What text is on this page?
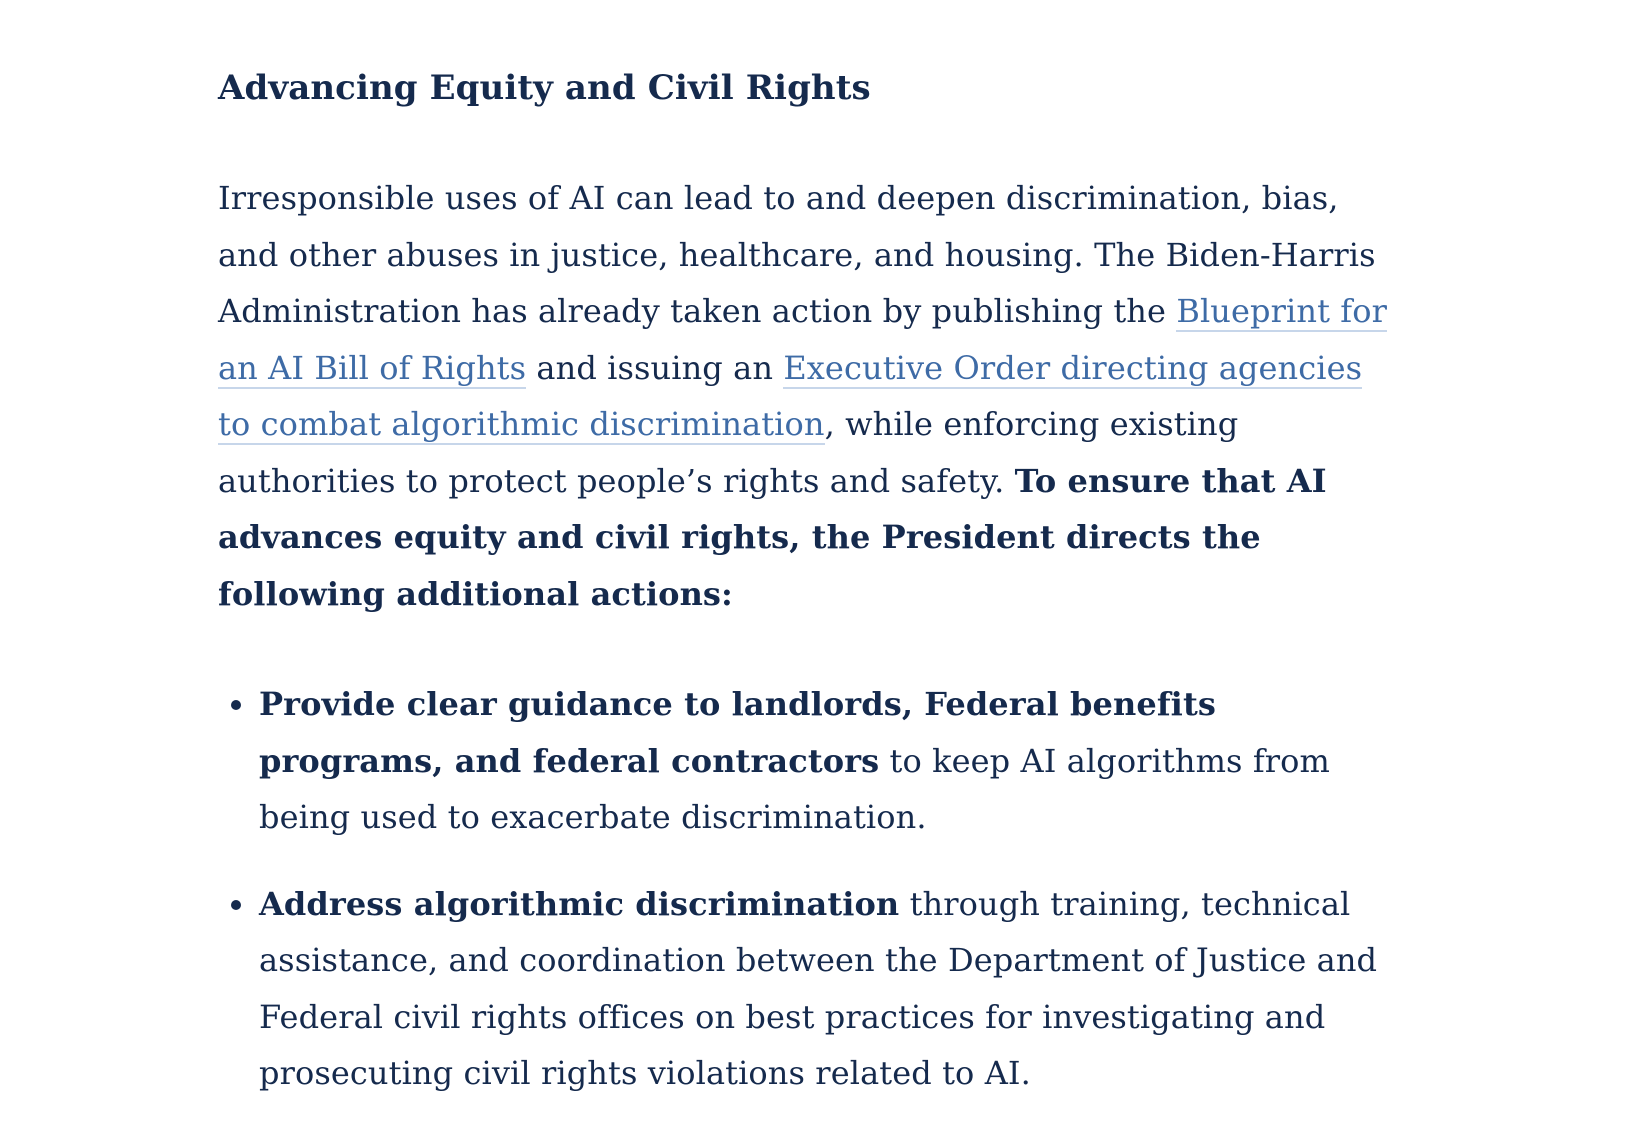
Advancing Equity and Civil Rights

Irresponsible uses of AI can lead to and deepen discrimination, bias, and other abuses in justice, healthcare, and housing. The Biden-Harris Administration has already taken action by publishing the Blueprint for an AI Bill of Rights and issuing an Executive Order directing agencies to combat algorithmic discrimination, while enforcing existing authorities to protect people’s rights and safety. To ensure that AI advances equity and civil rights, the President directs the following additional actions:

Provide clear guidance to landlords, Federal benefits programs, and federal contractors to keep AI algorithms from being used to exacerbate discrimination.
Address algorithmic discrimination through training, technical assistance, and coordination between the Department of Justice and Federal civil rights offices on best practices for investigating and prosecuting civil rights violations related to AI.
